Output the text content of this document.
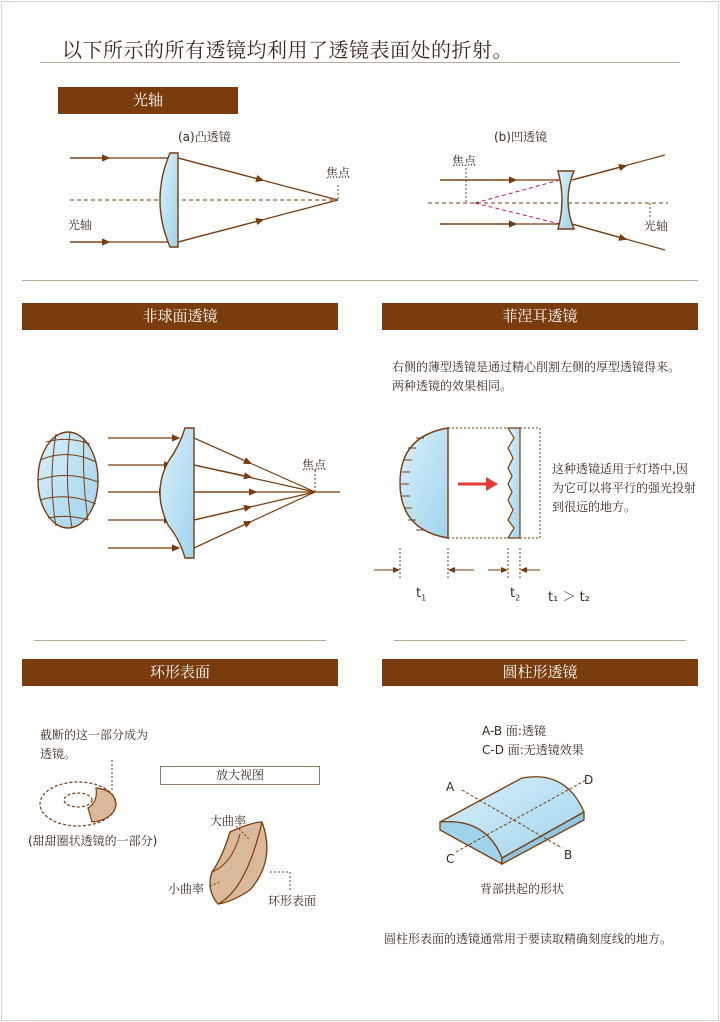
以下所示的所有透镜均利用了透镜表面处的折射。
光轴
(a)凸透镜	(b)凹透镜
焦点
光轴
焦点
光轴
非球面透镜
焦点
菲涅耳透镜
右侧的薄型透镜是通过精心削割左侧的厚型透镜得来。
两种透镜的效果相同。
这种透镜适用于灯塔中,因
为它可以将平行的强光投射
到很远的地方。
$t_1$	$t_2$ t₁ ＞ t₂
环形表面
截断的这一部分成为
透镜。
放大视图
(甜甜圈状透镜的一部分)
大曲率
小曲率
环形表面
圆柱形透镜
A-B 面:透镜
C-D 面:无透镜效果
A
B
C
D
背部拱起的形状
圆柱形表面的透镜通常用于要读取精确刻度线的地方。
